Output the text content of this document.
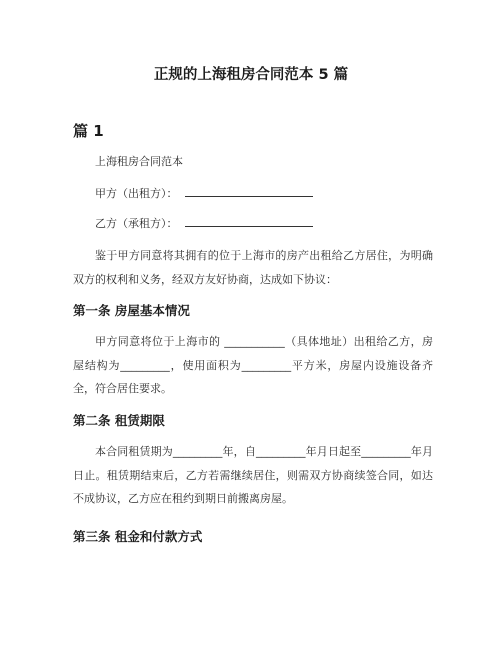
正规的上海租房合同范本 5 篇
篇 1
上海租房合同范本
甲方（出租方）：
乙方（承租方）：
鉴于甲方同意将其拥有的位于上海市的房产出租给乙方居住，为明确双方的权利和义务，经双方友好协商，达成如下协议：
第一条 房屋基本情况
甲方同意将位于上海市的 ___________（具体地址）出租给乙方，房屋结构为_________，使用面积为_________平方米，房屋内设施设备齐全，符合居住要求。
第二条 租赁期限
本合同租赁期为_________年，自_________年月日起至_________年月日止。租赁期结束后，乙方若需继续居住，则需双方协商续签合同，如达不成协议，乙方应在租约到期日前搬离房屋。
第三条 租金和付款方式
